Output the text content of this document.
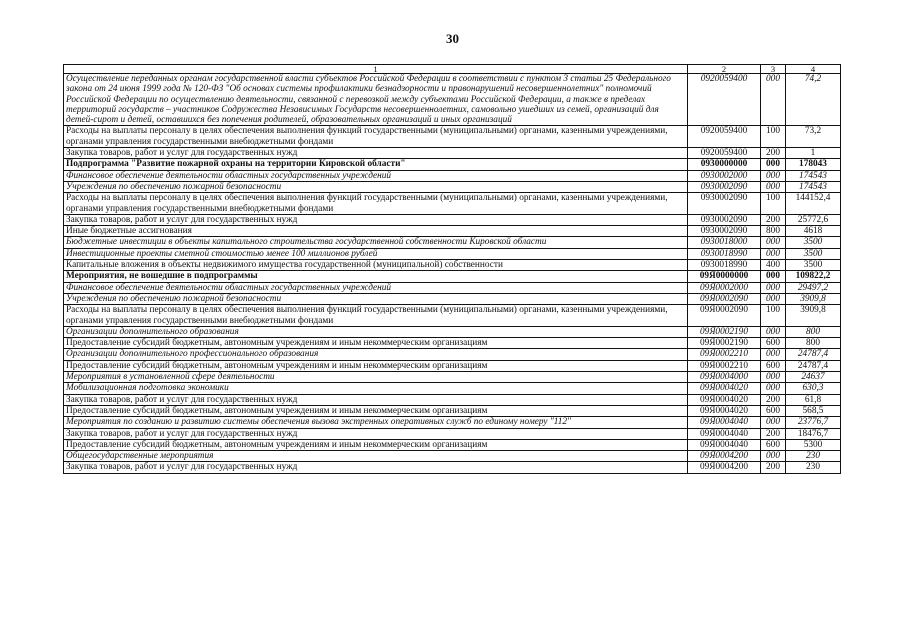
30
1	2	3	4
Осуществление переданных органам государственной власти субъектов Российской Федерации в соответствии с пунктом 3 статьи 25 Федерального закона от 24 июня 1999 года № 120-ФЗ "Об основах системы профилактики безнадзорности и правонарушений несовершеннолетних" полномочий Российской Федерации по осуществлению деятельности, связанной с перевозкой между субъектами Российской Федерации, а также в пределах территорий государств – участников Содружества Независимых Государств несовершеннолетних, самовольно ушедших из семей, организаций для детей-сирот и детей, оставшихся без попечения родителей, образовательных организаций и иных организаций	0920059400	000	74,2
Расходы на выплаты персоналу в целях обеспечения выполнения функций государственными (муниципальными) органами, казенными учреждениями, органами управления государственными внебюджетными фондами	0920059400	100	73,2
Закупка товаров, работ и услуг для государственных нужд	0920059400	200	1
Подпрограмма "Развитие пожарной охраны на территории Кировской области"	0930000000	000	178043
Финансовое обеспечение деятельности областных государственных учреждений	0930002000	000	174543
Учреждения по обеспечению пожарной безопасности	0930002090	000	174543
Расходы на выплаты персоналу в целях обеспечения выполнения функций государственными (муниципальными) органами, казенными учреждениями, органами управления государственными внебюджетными фондами	0930002090	100	144152,4
Закупка товаров, работ и услуг для государственных нужд	0930002090	200	25772,6
Иные бюджетные ассигнования	0930002090	800	4618
Бюджетные инвестиции в объекты капитального строительства государственной собственности Кировской области	0930018000	000	3500
Инвестиционные проекты сметной стоимостью менее 100 миллионов рублей	0930018990	000	3500
Капитальные вложения в объекты недвижимого имущества государственной (муниципальной) собственности	0930018990	400	3500
Мероприятия, не вошедшие в подпрограммы	09Я0000000	000	109822,2
Финансовое обеспечение деятельности областных государственных учреждений	09Я0002000	000	29497,2
Учреждения по обеспечению пожарной безопасности	09Я0002090	000	3909,8
Расходы на выплаты персоналу в целях обеспечения выполнения функций государственными (муниципальными) органами, казенными учреждениями, органами управления государственными внебюджетными фондами	09Я0002090	100	3909,8
Организации дополнительного образования	09Я0002190	000	800
Предоставление субсидий бюджетным, автономным учреждениям и иным некоммерческим организациям	09Я0002190	600	800
Организации дополнительного профессионального образования	09Я0002210	000	24787,4
Предоставление субсидий бюджетным, автономным учреждениям и иным некоммерческим организациям	09Я0002210	600	24787,4
Мероприятия в установленной сфере деятельности	09Я0004000	000	24637
Мобилизационная подготовка экономики	09Я0004020	000	630,3
Закупка товаров, работ и услуг для государственных нужд	09Я0004020	200	61,8
Предоставление субсидий бюджетным, автономным учреждениям и иным некоммерческим организациям	09Я0004020	600	568,5
Мероприятия по созданию и развитию системы обеспечения вызова экстренных оперативных служб по единому номеру "112"	09Я0004040	000	23776,7
Закупка товаров, работ и услуг для государственных нужд	09Я0004040	200	18476,7
Предоставление субсидий бюджетным, автономным учреждениям и иным некоммерческим организациям	09Я0004040	600	5300
Общегосударственные мероприятия	09Я0004200	000	230
Закупка товаров, работ и услуг для государственных нужд	09Я0004200	200	230
